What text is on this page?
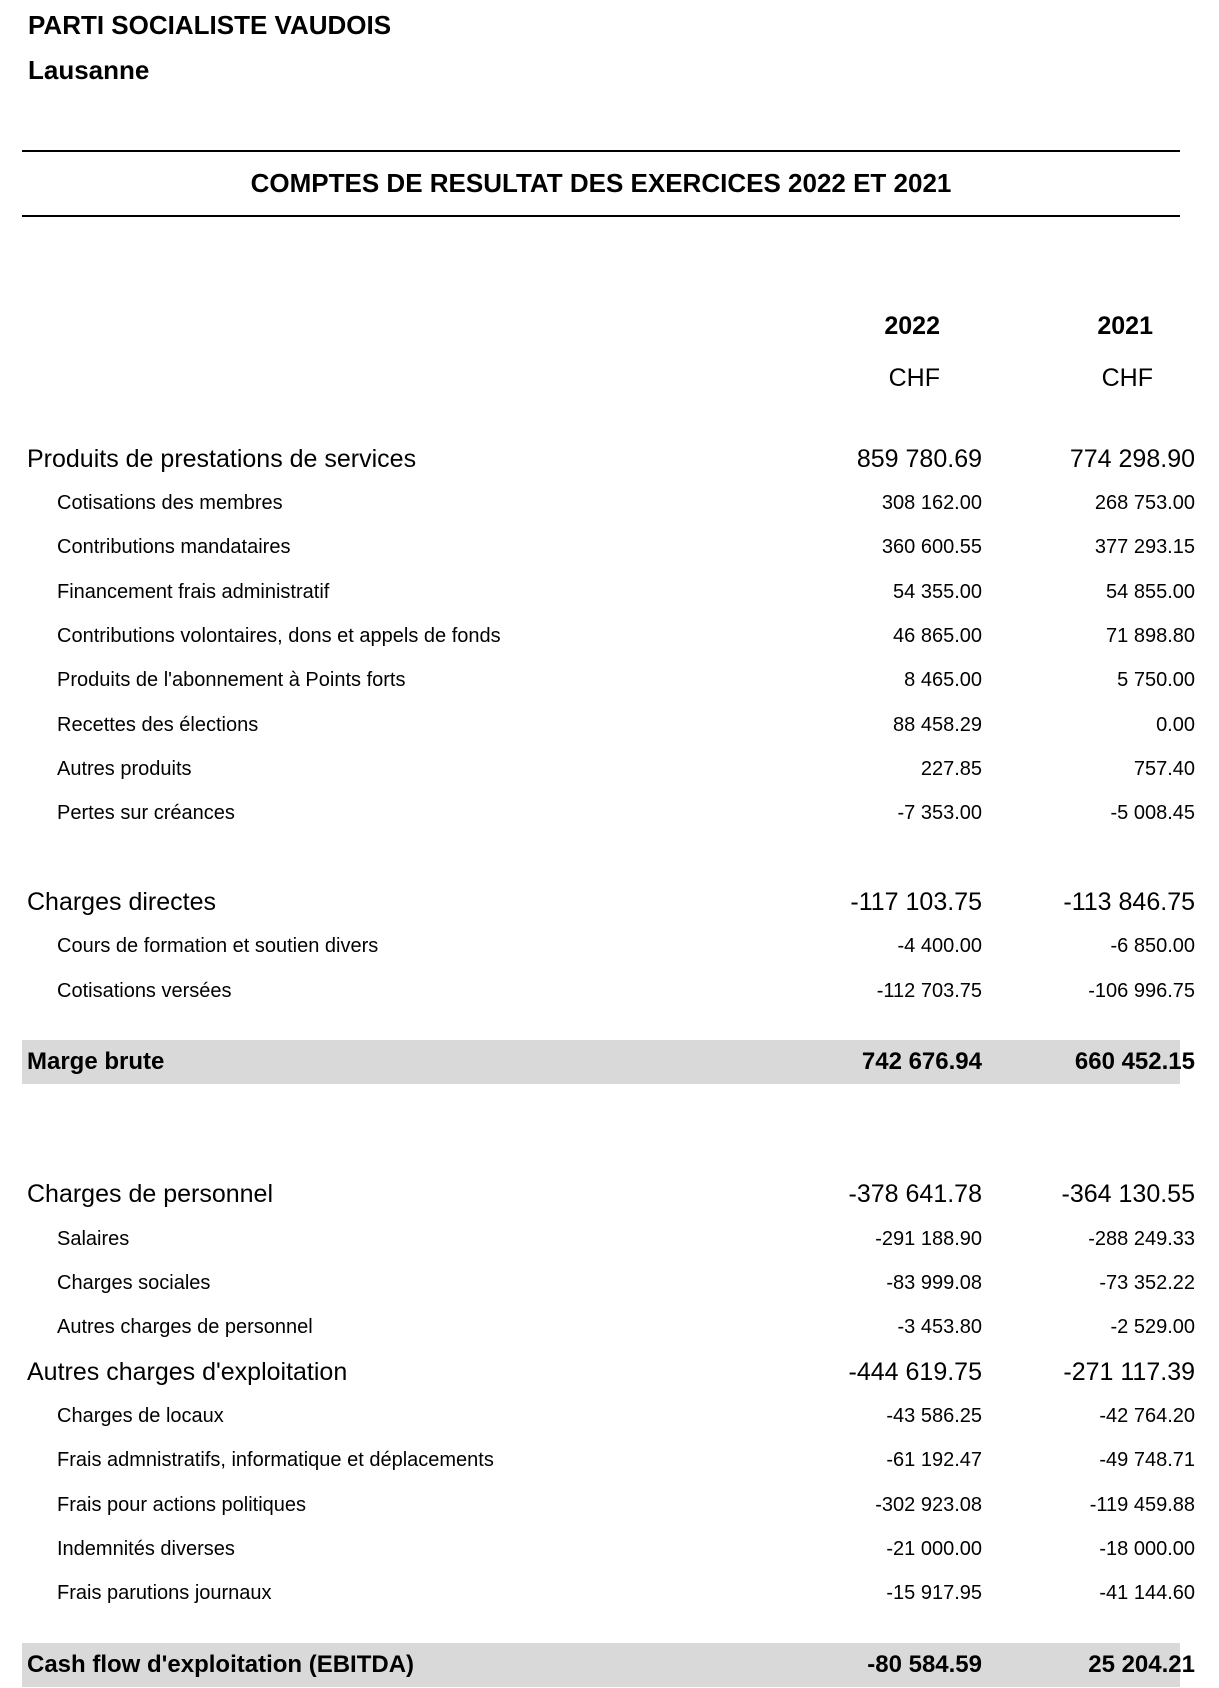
PARTI SOCIALISTE VAUDOIS
Lausanne
COMPTES DE RESULTAT DES EXERCICES 2022 ET 2021
2022	2021
CHF	CHF
Produits de prestations de services	859 780.69	774 298.90
Cotisations des membres	308 162.00	268 753.00
Contributions mandataires	360 600.55	377 293.15
Financement frais administratif	54 355.00	54 855.00
Contributions volontaires, dons et appels de fonds	46 865.00	71 898.80
Produits de l'abonnement à Points forts	8 465.00	5 750.00
Recettes des élections	88 458.29	0.00
Autres produits	227.85	757.40
Pertes sur créances	-7 353.00	-5 008.45
Charges directes	-117 103.75	-113 846.75
Cours de formation et soutien divers	-4 400.00	-6 850.00
Cotisations versées	-112 703.75	-106 996.75
Marge brute	742 676.94	660 452.15
Charges de personnel	-378 641.78	-364 130.55
Salaires	-291 188.90	-288 249.33
Charges sociales	-83 999.08	-73 352.22
Autres charges de personnel	-3 453.80	-2 529.00
Autres charges d'exploitation	-444 619.75	-271 117.39
Charges de locaux	-43 586.25	-42 764.20
Frais admnistratifs, informatique et déplacements	-61 192.47	-49 748.71
Frais pour actions politiques	-302 923.08	-119 459.88
Indemnités diverses	-21 000.00	-18 000.00
Frais parutions journaux	-15 917.95	-41 144.60
Cash flow d'exploitation (EBITDA)	-80 584.59	25 204.21
